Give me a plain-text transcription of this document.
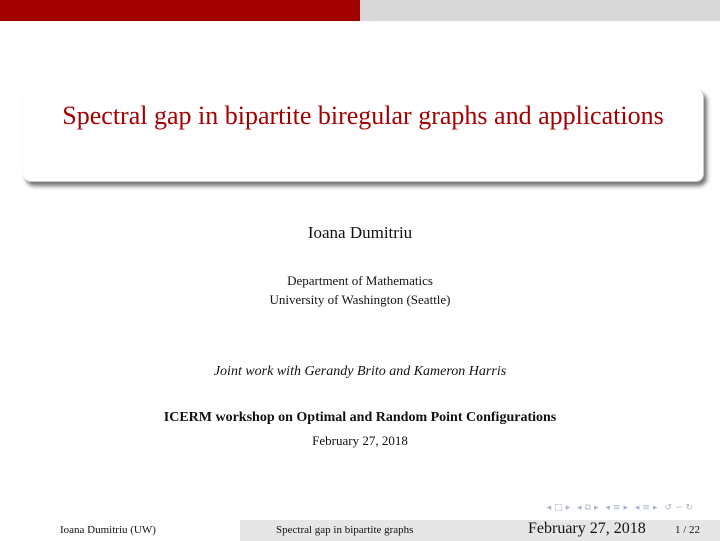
Spectral gap in bipartite biregular graphs and applications
Ioana Dumitriu
Department of Mathematics
University of Washington (Seattle)
Joint work with Gerandy Brito and Kameron Harris
ICERM workshop on Optimal and Random Point Configurations
February 27, 2018
◂ □ ▸ ◂ ⧉ ▸ ◂ ≡ ▸ ◂ ≡ ▸ ↺ ∽ ↻
Ioana Dumitriu (UW)	Spectral gap in bipartite graphs	February 27, 2018	1 / 22
